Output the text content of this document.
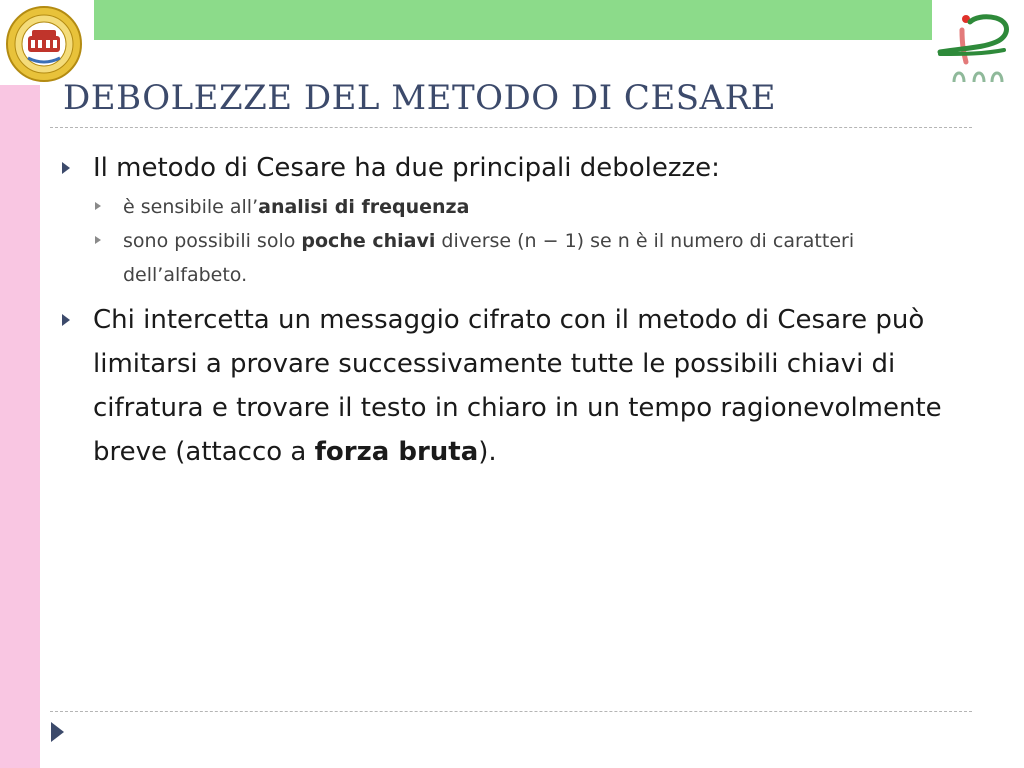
DEBOLEZZE DEL METODO DI CESARE
Il metodo di Cesare ha due principali debolezze:
è sensibile all’analisi di frequenza
sono possibili solo poche chiavi diverse (n − 1) se n è il numero di caratteri dell’alfabeto.
Chi intercetta un messaggio cifrato con il metodo di Cesare può limitarsi a provare successivamente tutte le possibili chiavi di cifratura e trovare il testo in chiaro in un tempo ragionevolmente breve (attacco a forza bruta).
